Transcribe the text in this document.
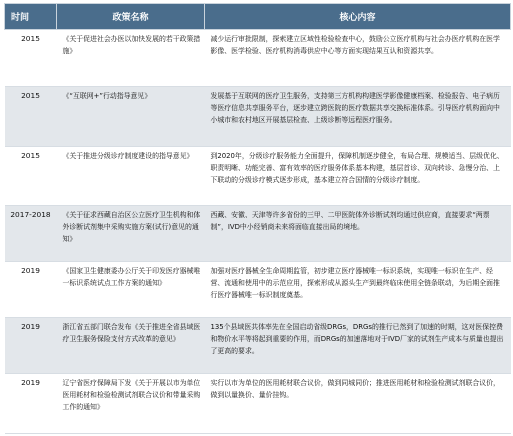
时间	政策名称	核心内容
2015	《关于促进社会办医以加快发展的若干政策措施》	减少运行审批限制，探索建立区域性检验检查中心，鼓励公立医疗机构与社会办医疗机构在医学影像、医学检验、医疗机构消毒供应中心等方面实现结果互认和资源共享。
2015	《“互联网+”行动指导意见》	发展基于互联网的医疗卫生服务，支持第三方机构构建医学影像健康档案、检验报告、电子病历等医疗信息共享服务平台，逐步建立跨医院的医疗数据共享交换标准体系。引导医疗机构面向中小城市和农村地区开展基层检查、上级诊断等远程医疗服务。
2015	《关于推进分级诊疗制度建设的指导意见》	到2020年，分级诊疗服务能力全面提升，保障机制逐步健全，布局合理、规模适当、层级优化、职责明晰、功能完善、富有效率的医疗服务体系基本构建，基层首诊、双向转诊、急慢分治、上下联动的分级诊疗模式逐步形成，基本建立符合国情的分级诊疗制度。
2017-2018	《关于征求西藏自治区公立医疗卫生机构和体外诊断试剂集中采购实施方案(试行)意见的通知》	西藏、安徽、天津等许多省份的三甲、二甲医院体外诊断试剂均通过供应商，直接要求“两票制”，IVD中小经销商未来将面临直接出局的境地。
2019	《国家卫生健康委办公厅关于印发医疗器械唯一标识系统试点工作方案的通知》	加强对医疗器械全生命周期监管，初步建立医疗器械唯一标识系统，实现唯一标识在生产、经营、流通和使用中的示范应用，探索形成从源头生产到最终临床使用全链条联动，为后期全面推行医疗器械唯一标识制度奠基。
2019	浙江省五部门联合发布《关于推进全省县域医疗卫生服务保险支付方式改革的意见》	135个县域医共体率先在全国启动省级DRGs，DRGs的推行已然到了加速的时期，这对医保控费和物价水平等将起到重要的作用，而DRGs的加速落地对于IVD厂家的试剂生产成本与质量也提出了更高的要求。
2019	辽宁省医疗保障局下发《关于开展以市为单位医用耗材和检验检测试剂联合议价和带量采购工作的通知》	实行以市为单位的医用耗材联合议价，做到同城同价；推进医用耗材和检验检测试剂联合议价，做到以量换价、量价挂钩。
